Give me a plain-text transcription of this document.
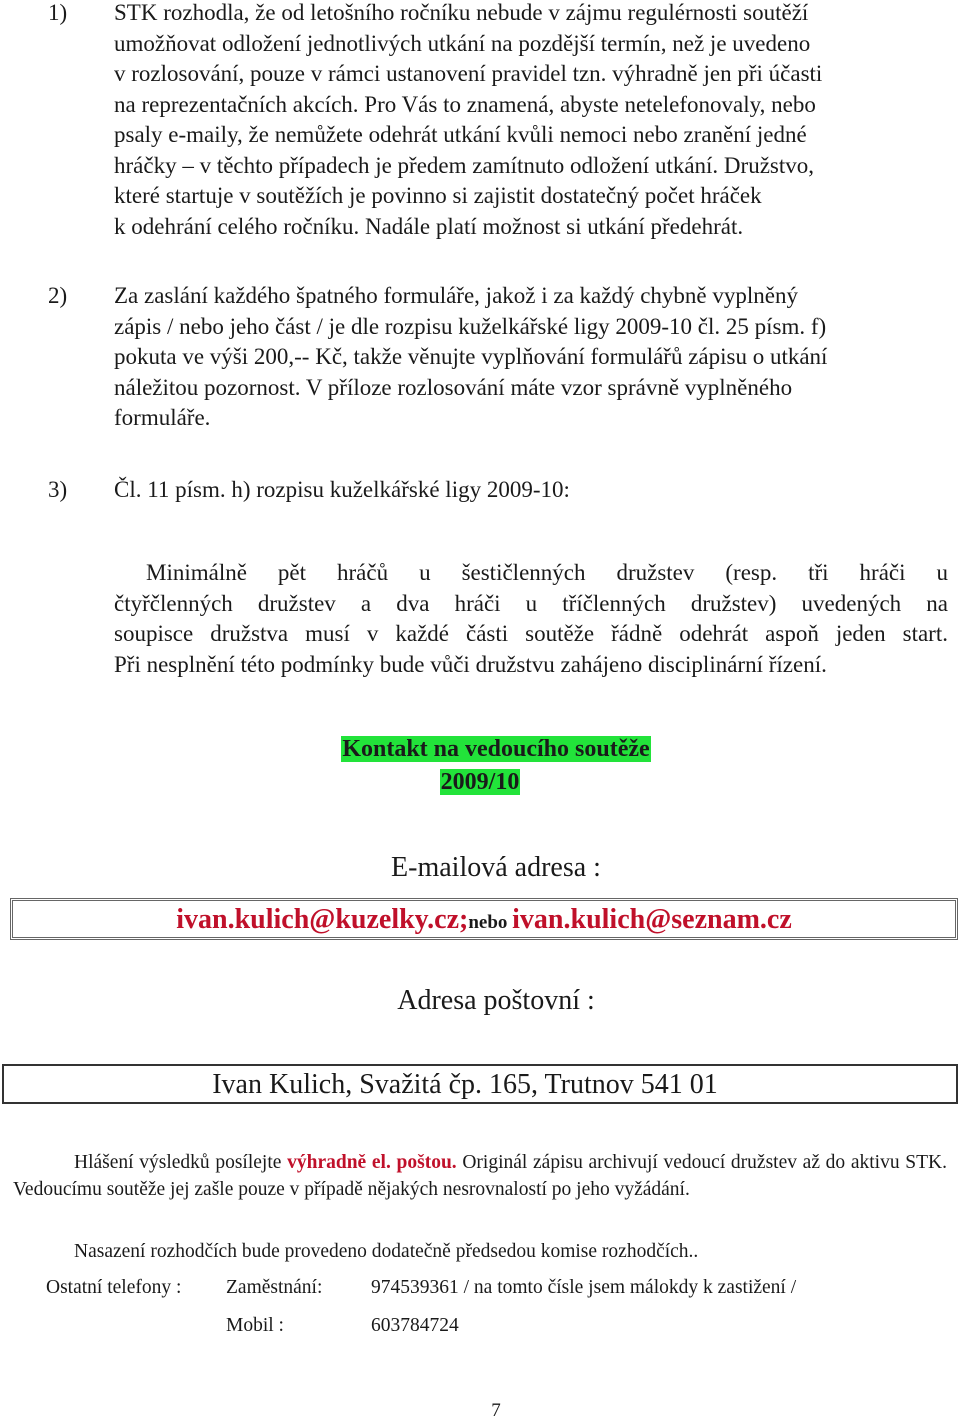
1) STK rozhodla, že od letošního ročníku nebude v zájmu regulérnosti soutěží

umožňovat odložení jednotlivých utkání na pozdější termín, než je uvedeno

v rozlosování, pouze v rámci ustanovení pravidel tzn. výhradně jen při účasti

na reprezentačních akcích. Pro Vás to znamená, abyste netelefonovaly, nebo

psaly e-maily, že nemůžete odehrát utkání kvůli nemoci nebo zranění jedné

hráčky – v těchto případech je předem zamítnuto odložení utkání. Družstvo,

které startuje v soutěžích je povinno si zajistit dostatečný počet hráček

k odehrání celého ročníku. Nadále platí možnost si utkání předehrát.

2) Za zaslání každého špatného formuláře, jakož i za každý chybně vyplněný

zápis / nebo jeho část / je dle rozpisu kuželkářské ligy 2009-10 čl. 25 písm. f)

pokuta ve výši 200,-- Kč, takže věnujte vyplňování formulářů zápisu o utkání

náležitou pozornost. V příloze rozlosování máte vzor správně vyplněného

formuláře.

3) Čl. 11 písm. h) rozpisu kuželkářské ligy 2009-10:

Minimálně pět hráčů u šestičlenných družstev (resp. tři hráči u

čtyřčlenných družstev a dva hráči u tříčlenných družstev) uvedených na

soupisce družstva musí v každé části soutěže řádně odehrát aspoň jeden start.

Při nesplnění této podmínky bude vůči družstvu zahájeno disciplinární řízení.

Kontakt na vedoucího soutěže
2009/10
E-mailová adresa :
ivan.kulich@kuzelky.cz;nebo ivan.kulich@seznam.cz
Adresa poštovní :
Ivan Kulich, Svažitá čp. 165, Trutnov 541 01
Hlášení výsledků posílejte výhradně el. poštou. Originál zápisu archivují vedoucí družstev až do aktivu STK. Vedoucímu soutěže jej zašle pouze v případě nějakých nesrovnalostí po jeho vyžádání.
Nasazení rozhodčích bude provedeno dodatečně předsedou komise rozhodčích..
Ostatní telefony : Zaměstnání: 974539361 / na tomto čísle jsem málokdy k zastižení /
Mobil :	603784724
7
